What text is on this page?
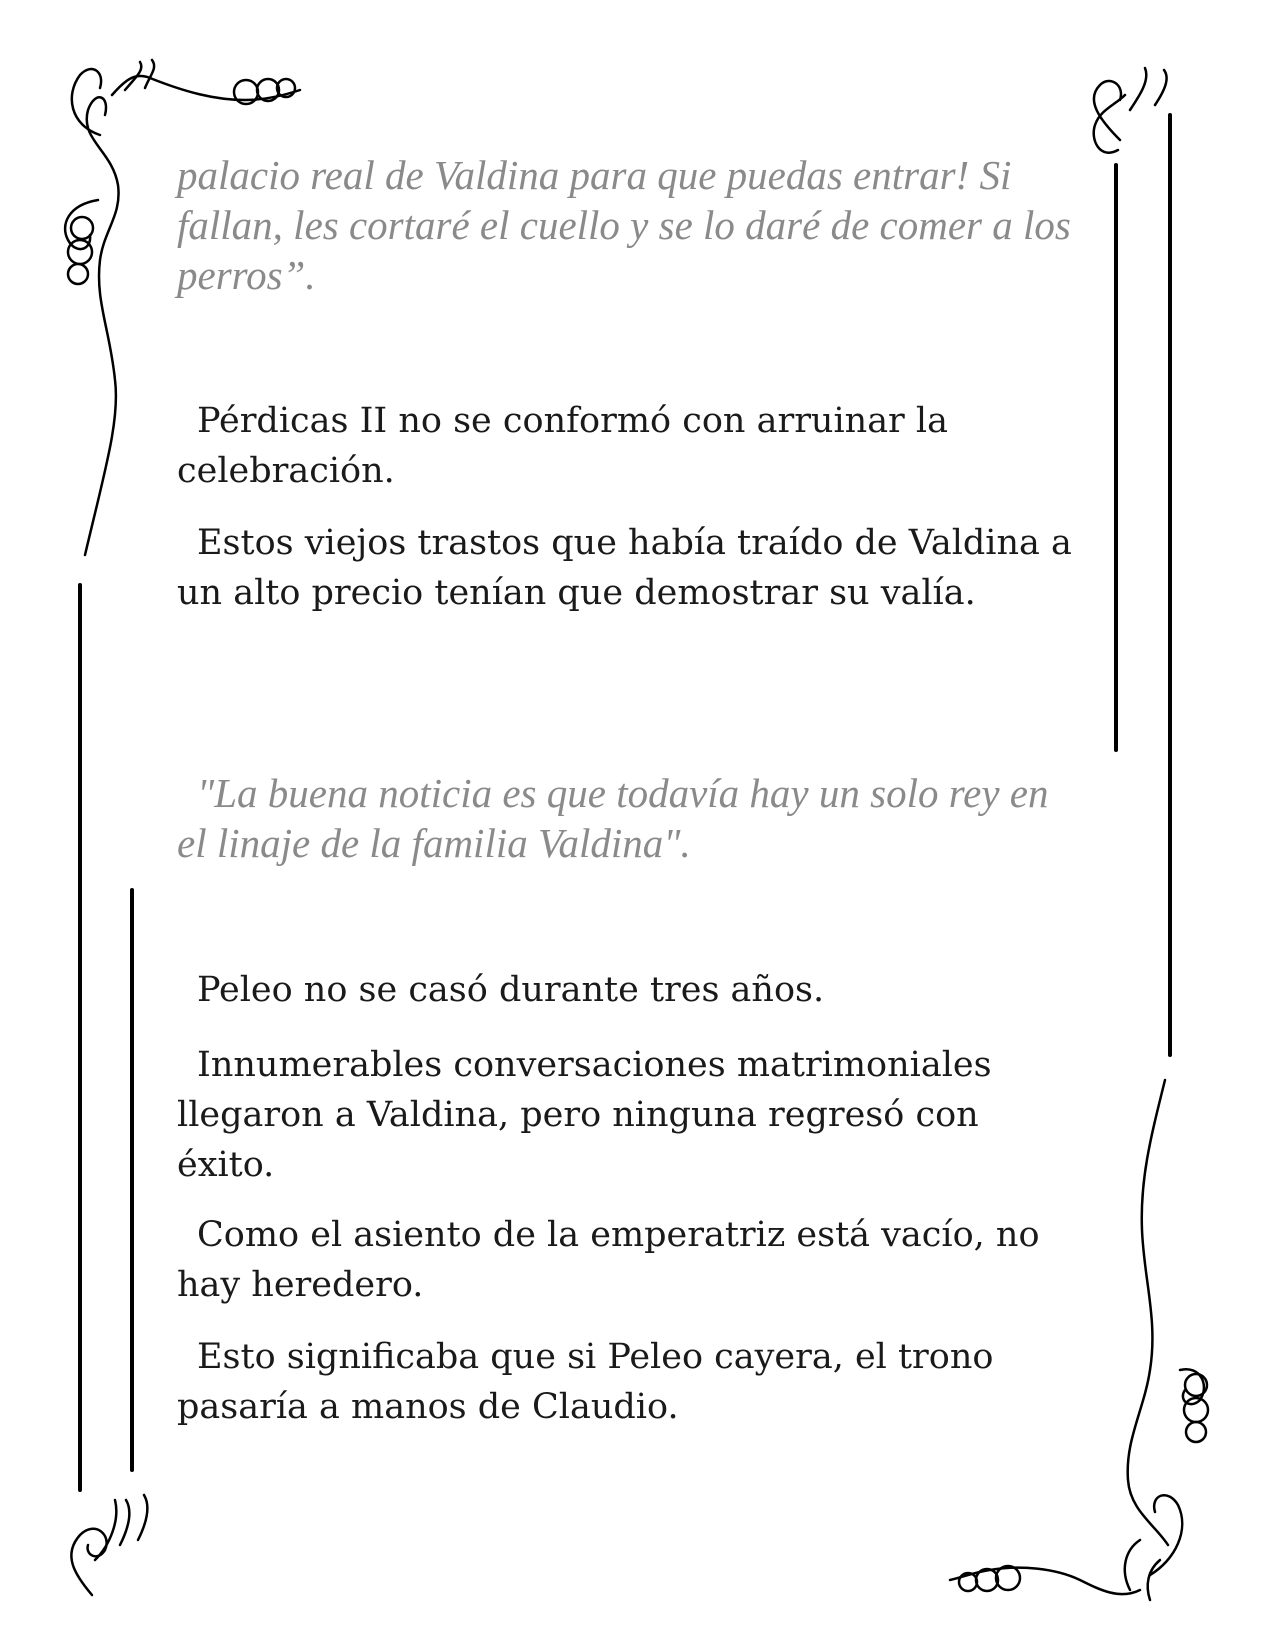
palacio real de Valdina para que puedas entrar! Si fallan, les cortaré el cuello y se lo daré de comer a los perros”.

Pérdicas II no se conformó con arruinar la celebración.

Estos viejos trastos que había traído de Valdina a un alto precio tenían que demostrar su valía.

"La buena noticia es que todavía hay un solo rey en el linaje de la familia Valdina".

Peleo no se casó durante tres años.

Innumerables conversaciones matrimoniales llegaron a Valdina, pero ninguna regresó con éxito.

Como el asiento de la emperatriz está vacío, no hay heredero.

Esto significaba que si Peleo cayera, el trono pasaría a manos de Claudio.
